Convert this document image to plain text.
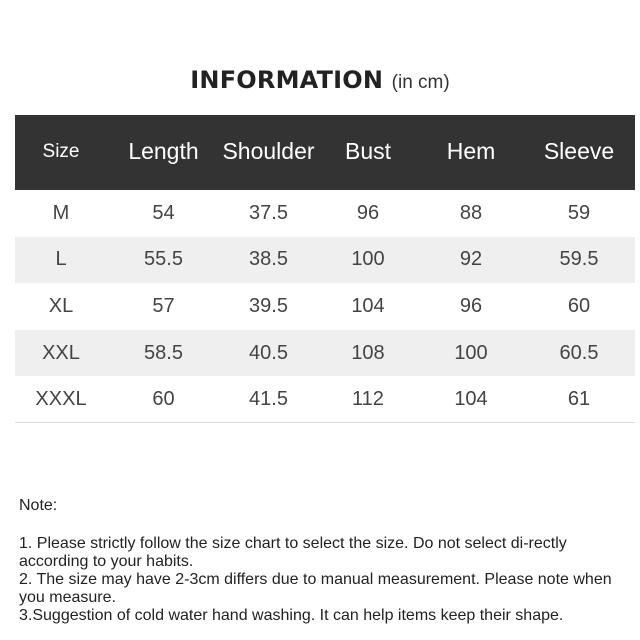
INFORMATION (in cm)
Size	Length	Shoulder	Bust	Hem	Sleeve
M	54	37.5	96	88	59
L	55.5	38.5	100	92	59.5
XL	57	39.5	104	96	60
XXL	58.5	40.5	108	100	60.5
XXXL	60	41.5	112	104	61

Note:

1. Please strictly follow the size chart to select the size. Do not select di-rectly according to your habits.

2. The size may have 2-3cm differs due to manual measurement. Please note when you measure.

3.Suggestion of cold water hand washing. It can help items keep their shape.
